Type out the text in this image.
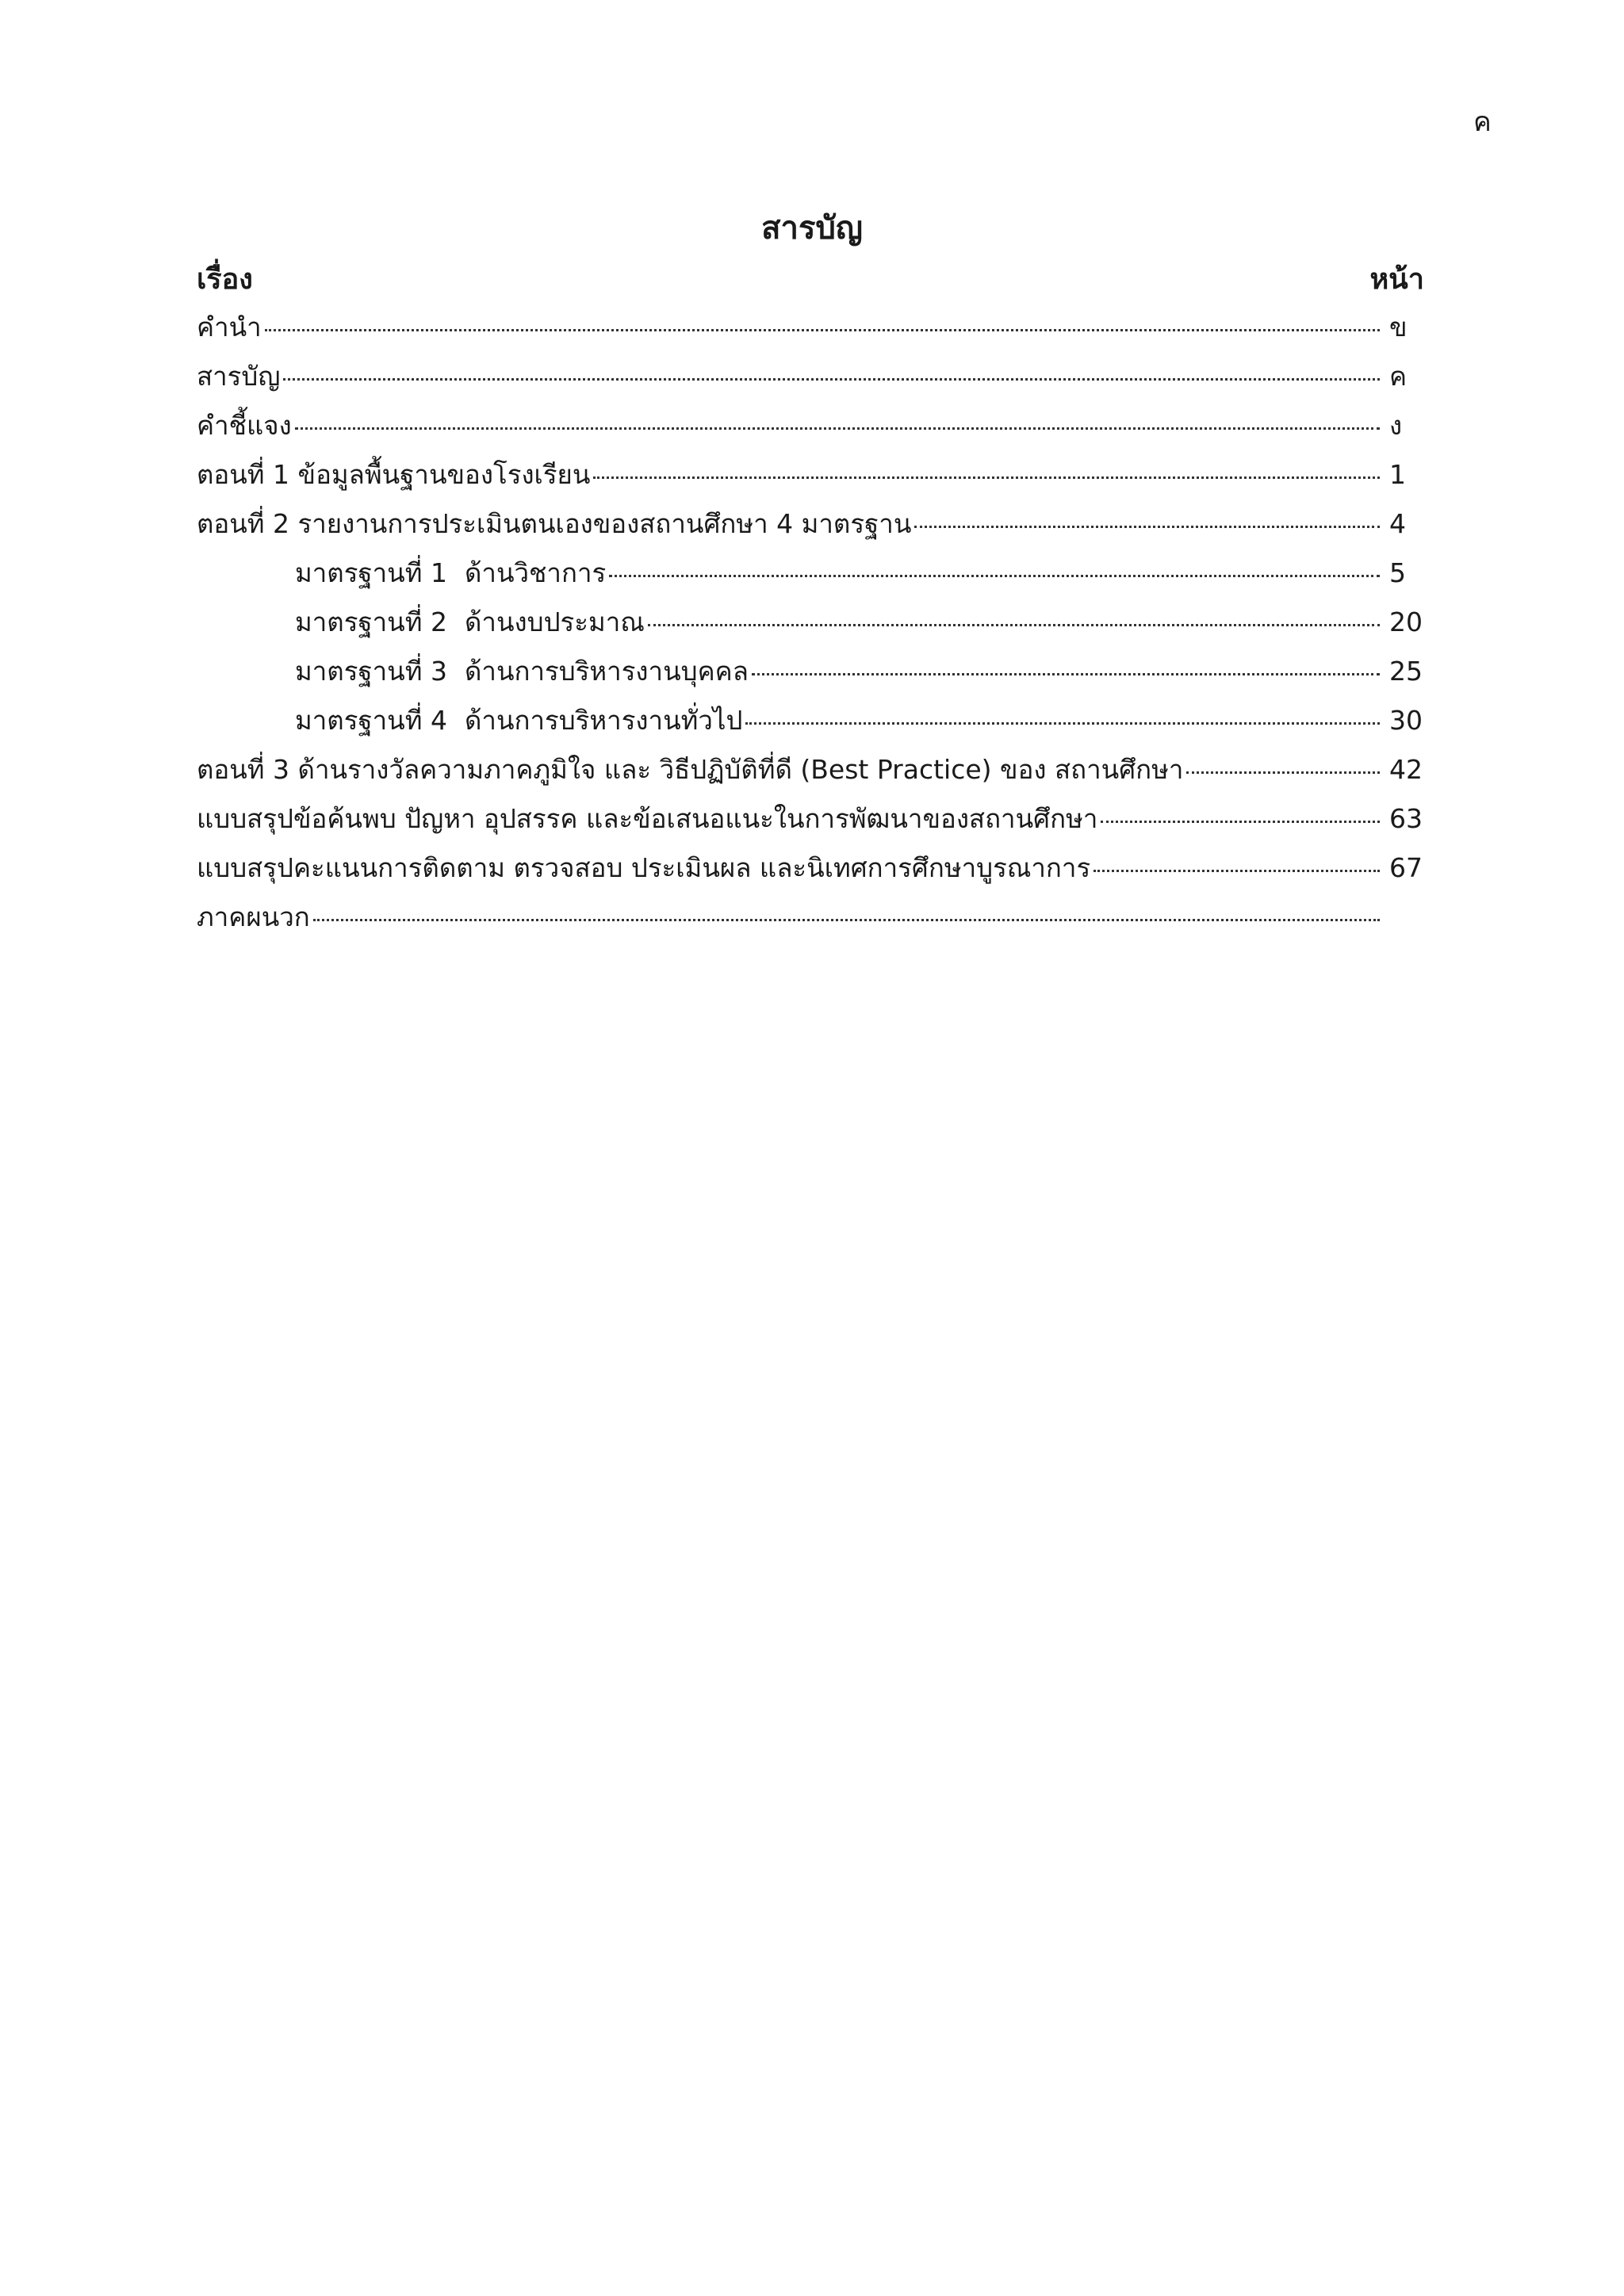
ค
สารบัญ
เรื่อง	หน้า
คำนำ	ข
สารบัญ	ค
คำชี้แจง	ง
ตอนที่ 1 ข้อมูลพื้นฐานของโรงเรียน	1
ตอนที่ 2 รายงานการประเมินตนเองของสถานศึกษา 4 มาตรฐาน	4
มาตรฐานที่ 1 ด้านวิชาการ	5
มาตรฐานที่ 2 ด้านงบประมาณ	20
มาตรฐานที่ 3 ด้านการบริหารงานบุคคล	25
มาตรฐานที่ 4 ด้านการบริหารงานทั่วไป	30
ตอนที่ 3 ด้านรางวัลความภาคภูมิใจ และ วิธีปฏิบัติที่ดี (Best Practice) ของ สถานศึกษา	42
แบบสรุปข้อค้นพบ ปัญหา อุปสรรค และข้อเสนอแนะในการพัฒนาของสถานศึกษา	63
แบบสรุปคะแนนการติดตาม ตรวจสอบ ประเมินผล และนิเทศการศึกษาบูรณาการ	67
ภาคผนวก
